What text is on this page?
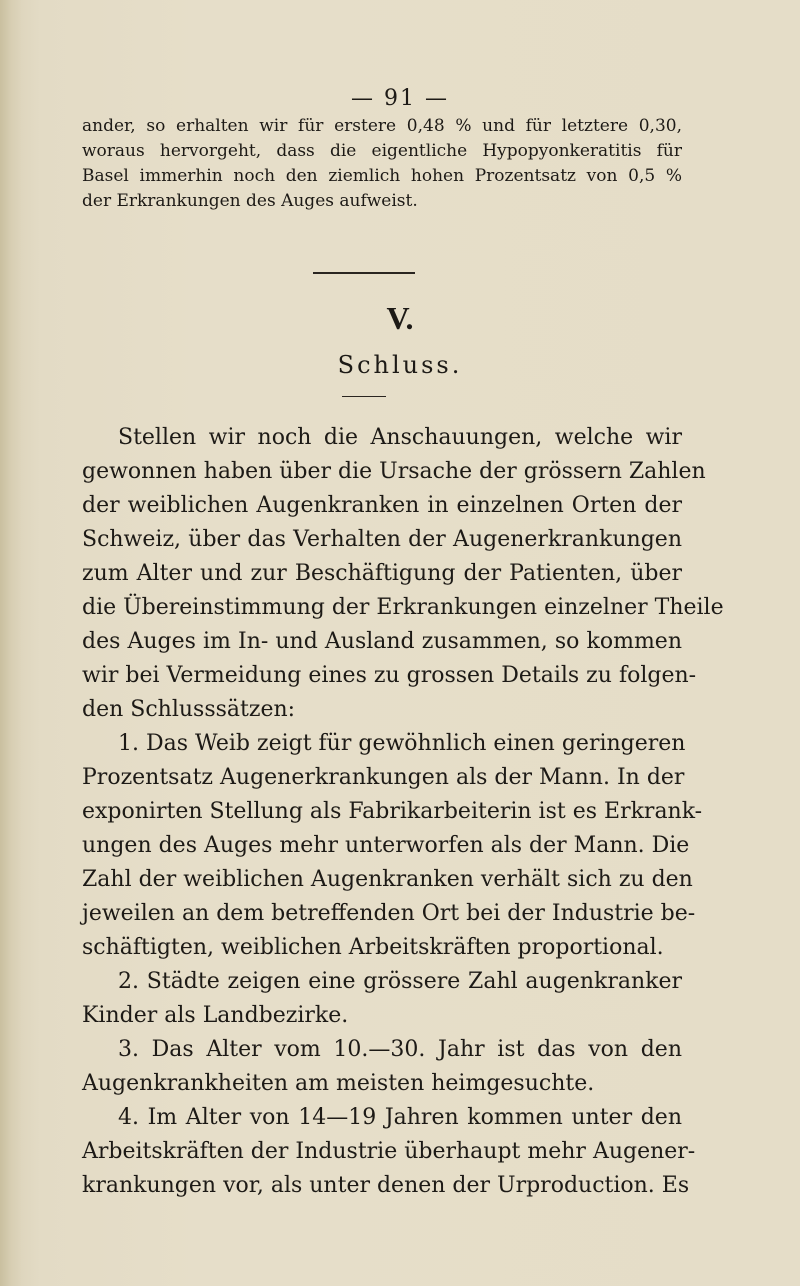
— 91 —
ander, so erhalten wir für erstere 0,48 % und für letztere 0,30,
woraus hervorgeht, dass die eigentliche Hypopyonkeratitis für
Basel immerhin noch den ziemlich hohen Prozentsatz von 0,5 %
der Erkrankungen des Auges aufweist.
V.
Schluss.
Stellen wir noch die Anschauungen, welche wir
gewonnen haben über die Ursache der grössern Zahlen
der weiblichen Augenkranken in einzelnen Orten der
Schweiz, über das Verhalten der Augenerkrankungen
zum Alter und zur Beschäftigung der Patienten, über
die Übereinstimmung der Erkrankungen einzelner Theile
des Auges im In- und Ausland zusammen, so kommen
wir bei Vermeidung eines zu grossen Details zu folgen-
den Schlusssätzen:
1. Das Weib zeigt für gewöhnlich einen geringeren
Prozentsatz Augenerkrankungen als der Mann. In der
exponirten Stellung als Fabrikarbeiterin ist es Erkrank-
ungen des Auges mehr unterworfen als der Mann. Die
Zahl der weiblichen Augenkranken verhält sich zu den
jeweilen an dem betreffenden Ort bei der Industrie be-
schäftigten, weiblichen Arbeitskräften proportional.
2. Städte zeigen eine grössere Zahl augenkranker
Kinder als Landbezirke.
3. Das Alter vom 10.—30. Jahr ist das von den
Augenkrankheiten am meisten heimgesuchte.
4. Im Alter von 14—19 Jahren kommen unter den
Arbeitskräften der Industrie überhaupt mehr Augener-
krankungen vor, als unter denen der Urproduction. Es
